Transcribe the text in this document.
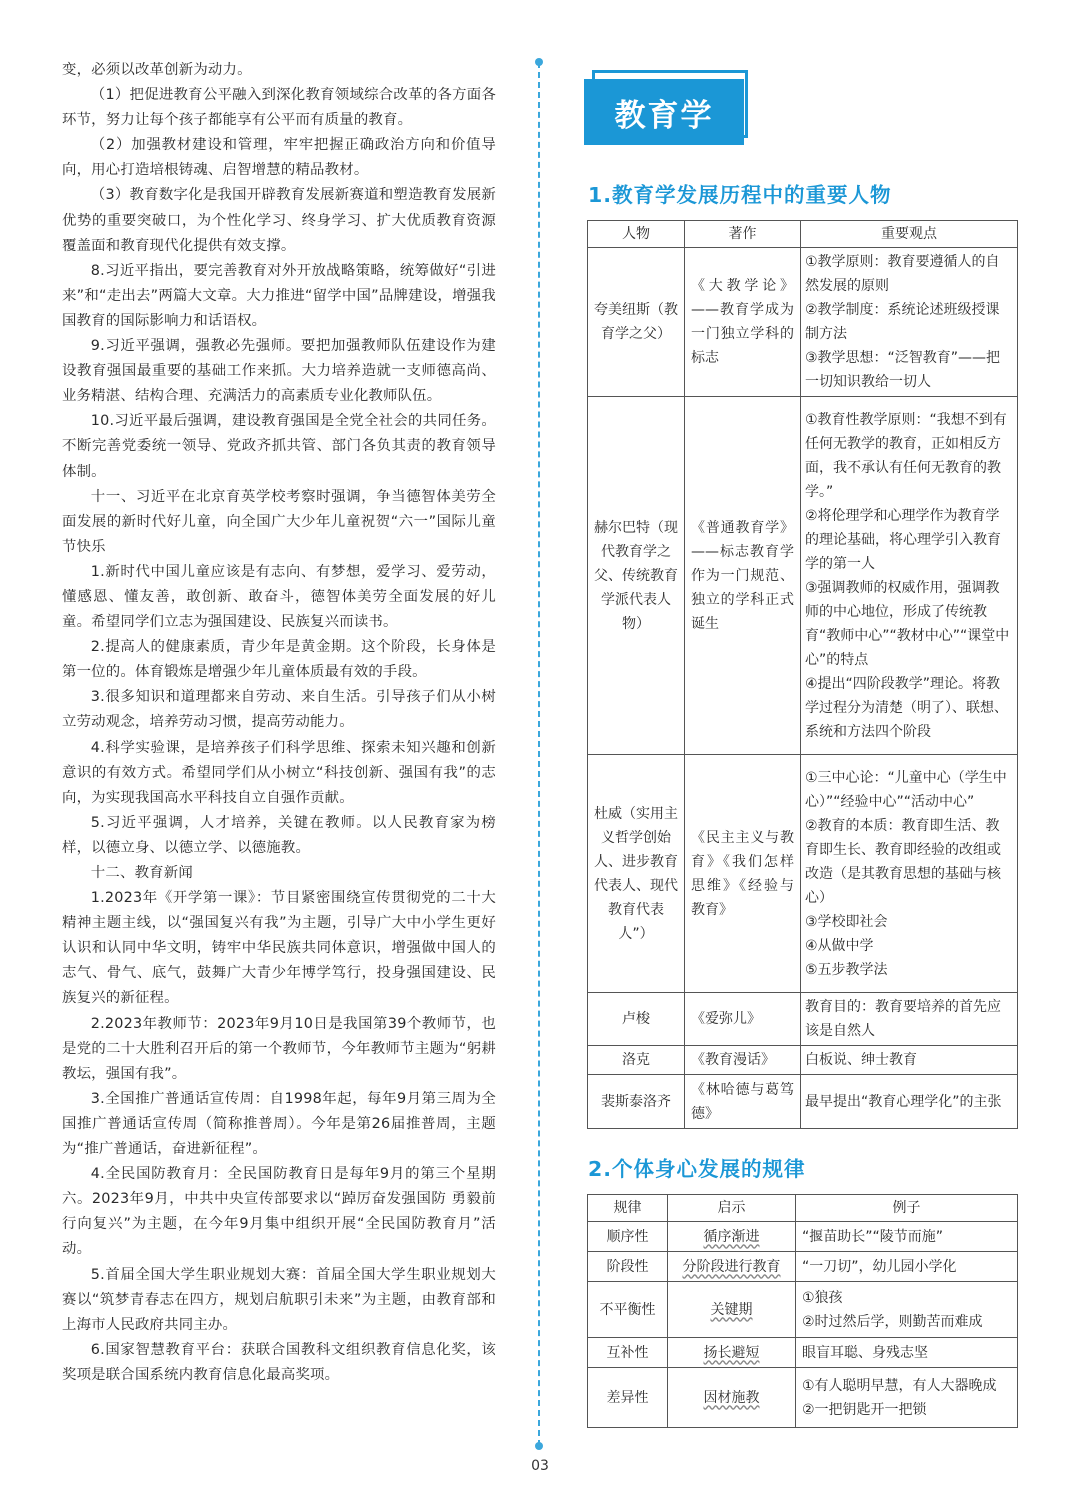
变，必须以改革创新为动力。

（1）把促进教育公平融入到深化教育领域综合改革的各方面各环节，努力让每个孩子都能享有公平而有质量的教育。

（2）加强教材建设和管理，牢牢把握正确政治方向和价值导向，用心打造培根铸魂、启智增慧的精品教材。

（3）教育数字化是我国开辟教育发展新赛道和塑造教育发展新优势的重要突破口，为个性化学习、终身学习、扩大优质教育资源覆盖面和教育现代化提供有效支撑。

8.习近平指出，要完善教育对外开放战略策略，统筹做好“引进来”和“走出去”两篇大文章。大力推进“留学中国”品牌建设，增强我国教育的国际影响力和话语权。

9.习近平强调，强教必先强师。要把加强教师队伍建设作为建设教育强国最重要的基础工作来抓。大力培养造就一支师德高尚、业务精湛、结构合理、充满活力的高素质专业化教师队伍。

10.习近平最后强调，建设教育强国是全党全社会的共同任务。不断完善党委统一领导、党政齐抓共管、部门各负其责的教育领导体制。

十一、习近平在北京育英学校考察时强调，争当德智体美劳全面发展的新时代好儿童，向全国广大少年儿童祝贺“六一”国际儿童节快乐

1.新时代中国儿童应该是有志向、有梦想，爱学习、爱劳动，懂感恩、懂友善，敢创新、敢奋斗，德智体美劳全面发展的好儿童。希望同学们立志为强国建设、民族复兴而读书。

2.提高人的健康素质，青少年是黄金期。这个阶段，长身体是第一位的。体育锻炼是增强少年儿童体质最有效的手段。

3.很多知识和道理都来自劳动、来自生活。引导孩子们从小树立劳动观念，培养劳动习惯，提高劳动能力。

4.科学实验课，是培养孩子们科学思维、探索未知兴趣和创新意识的有效方式。希望同学们从小树立“科技创新、强国有我”的志向，为实现我国高水平科技自立自强作贡献。

5.习近平强调，人才培养，关键在教师。以人民教育家为榜样，以德立身、以德立学、以德施教。

十二、教育新闻

1.2023年《开学第一课》：节目紧密围绕宣传贯彻党的二十大精神主题主线，以“强国复兴有我”为主题，引导广大中小学生更好认识和认同中华文明，铸牢中华民族共同体意识，增强做中国人的志气、骨气、底气，鼓舞广大青少年博学笃行，投身强国建设、民族复兴的新征程。

2.2023年教师节：2023年9月10日是我国第39个教师节，也是党的二十大胜利召开后的第一个教师节，今年教师节主题为“躬耕教坛，强国有我”。

3.全国推广普通话宣传周：自1998年起，每年9月第三周为全国推广普通话宣传周（简称推普周）。今年是第26届推普周，主题为“推广普通话，奋进新征程”。

4.全民国防教育月：全民国防教育日是每年9月的第三个星期六。2023年9月，中共中央宣传部要求以“踔厉奋发强国防 勇毅前行向复兴”为主题，在今年9月集中组织开展“全民国防教育月”活动。

5.首届全国大学生职业规划大赛：首届全国大学生职业规划大赛以“筑梦青春志在四方，规划启航职引未来”为主题，由教育部和上海市人民政府共同主办。

6.国家智慧教育平台：获联合国教科文组织教育信息化奖，该奖项是联合国系统内教育信息化最高奖项。

教育学
1.教育学发展历程中的重要人物
人物	著作	重要观点
夸美纽斯（教育学之父）	《大教学论》——教育学成为一门独立学科的标志	①教学原则：教育要遵循人的自然发展的原则
②教学制度：系统论述班级授课制方法
③教学思想：“泛智教育”——把一切知识教给一切人

赫尔巴特（现代教育学之父、传统教育学派代表人物）	《普通教育学》——标志教育学作为一门规范、独立的学科正式诞生	①教育性教学原则：“我想不到有任何无教学的教育，正如相反方面，我不承认有任何无教育的教学。”
②将伦理学和心理学作为教育学的理论基础，将心理学引入教育学的第一人
③强调教师的权威作用，强调教师的中心地位，形成了传统教育“教师中心”“教材中心”“课堂中心”的特点
④提出“四阶段教学”理论。将教学过程分为清楚（明了）、联想、系统和方法四个阶段

杜威（实用主义哲学创始人、进步教育代表人、现代教育代表人”）	《民主主义与教育》《我们怎样思维》《经验与教育》	①三中心论：“儿童中心（学生中心）”“经验中心”“活动中心”
②教育的本质：教育即生活、教育即生长、教育即经验的改组或改造（是其教育思想的基础与核心）
③学校即社会
④从做中学
⑤五步教学法

卢梭	《爱弥儿》	教育目的：教育要培养的首先应该是自然人

洛克	《教育漫话》	白板说、绅士教育

裴斯泰洛齐	《林哈德与葛笃德》	最早提出“教育心理学化”的主张
2.个体身心发展的规律
规律	启示	例子
顺序性	循序渐进	“揠苗助长”“陵节而施”

阶段性	分阶段进行教育	“一刀切”，幼儿园小学化

不平衡性	关键期	①狼孩
②时过然后学，则勤苦而难成

互补性	扬长避短	眼盲耳聪、身残志坚

差异性	因材施教	①有人聪明早慧，有人大器晚成
②一把钥匙开一把锁
03
